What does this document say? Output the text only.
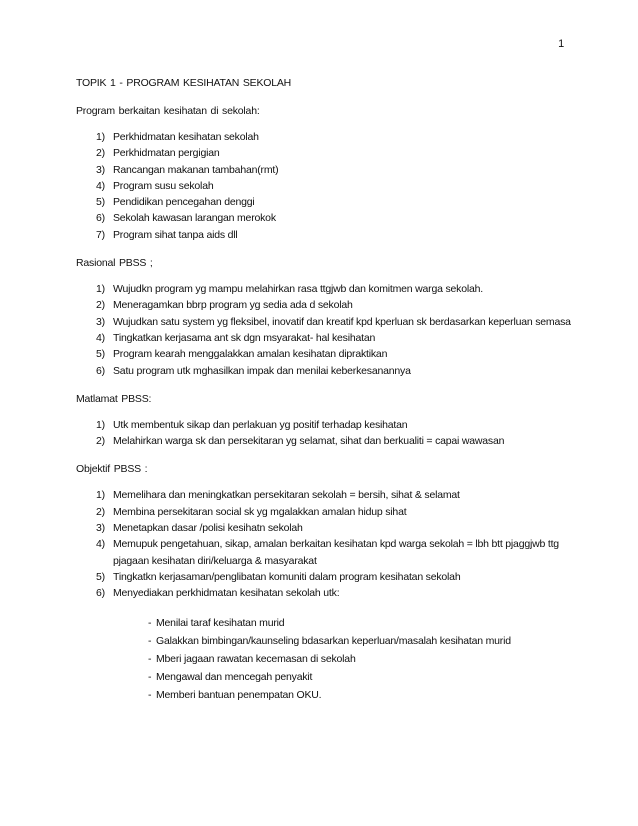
1

TOPIK 1 - PROGRAM KESIHATAN SEKOLAH

Program berkaitan kesihatan di sekolah:

1) Perkhidmatan kesihatan sekolah
2) Perkhidmatan pergigian
3) Rancangan makanan tambahan(rmt)
4) Program susu sekolah
5) Pendidikan pencegahan denggi
6) Sekolah kawasan larangan merokok
7) Program sihat tanpa aids dll

Rasional PBSS ;

1) Wujudkn program yg mampu melahirkan rasa ttgjwb dan komitmen warga sekolah.
2) Meneragamkan bbrp program yg sedia ada d sekolah
3) Wujudkan satu system yg fleksibel, inovatif dan kreatif kpd kperluan sk berdasarkan keperluan semasa
4) Tingkatkan kerjasama ant sk dgn msyarakat- hal kesihatan
5) Program kearah menggalakkan amalan kesihatan dipraktikan
6) Satu program utk mghasilkan impak dan menilai keberkesanannya

Matlamat PBSS:

1) Utk membentuk sikap dan perlakuan yg positif terhadap kesihatan
2) Melahirkan warga sk dan persekitaran yg selamat, sihat dan berkualiti = capai wawasan

Objektif PBSS :

1) Memelihara dan meningkatkan persekitaran sekolah = bersih, sihat & selamat
2) Membina persekitaran social sk yg mgalakkan amalan hidup sihat
3) Menetapkan dasar /polisi kesihatn sekolah
4) Memupuk pengetahuan, sikap, amalan berkaitan kesihatan kpd warga sekolah = lbh btt pjaggjwb ttg pjagaan kesihatan diri/keluarga & masyarakat
5) Tingkatkn kerjasaman/penglibatan komuniti dalam program kesihatan sekolah
6) Menyediakan perkhidmatan kesihatan sekolah utk:
- Menilai taraf kesihatan murid
- Galakkan bimbingan/kaunseling bdasarkan keperluan/masalah kesihatan murid
- Mberi jagaan rawatan kecemasan di sekolah
- Mengawal dan mencegah penyakit
- Memberi bantuan penempatan OKU.
